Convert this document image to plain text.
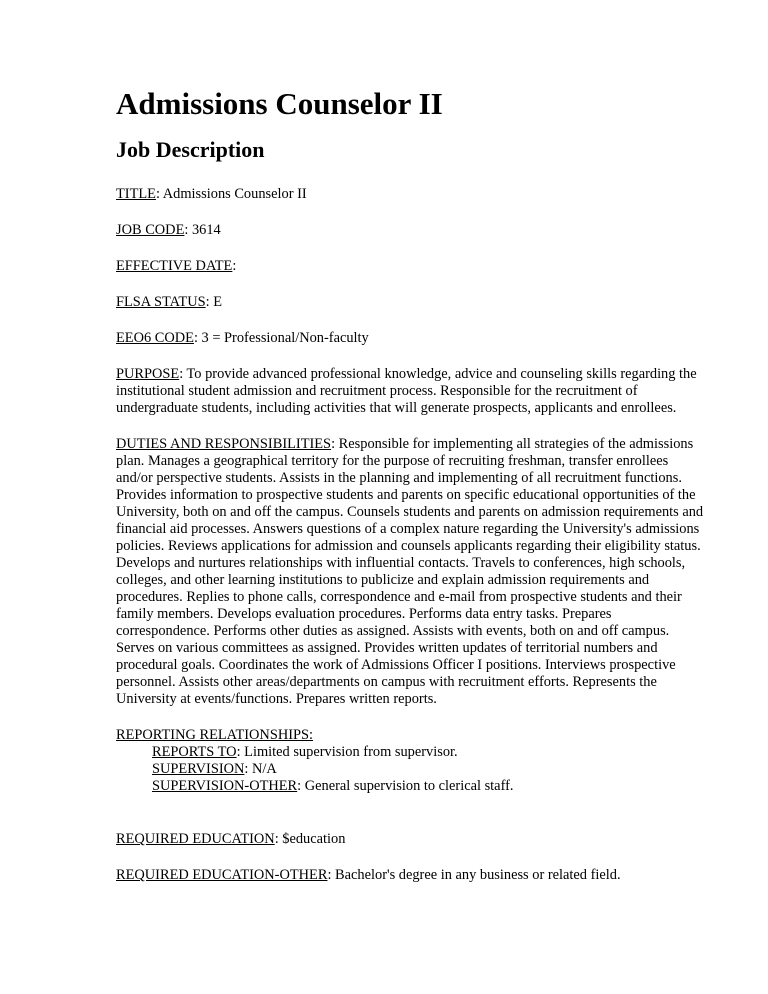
Admissions Counselor II
Job Description

TITLE: Admissions Counselor II

JOB CODE: 3614

EFFECTIVE DATE:

FLSA STATUS: E

EEO6 CODE: 3 = Professional/Non-faculty

PURPOSE: To provide advanced professional knowledge, advice and counseling skills regarding the institutional student admission and recruitment process. Responsible for the recruitment of undergraduate students, including activities that will generate prospects, applicants and enrollees.

DUTIES AND RESPONSIBILITIES: Responsible for implementing all strategies of the admissions plan. Manages a geographical territory for the purpose of recruiting freshman, transfer enrollees and/or perspective students. Assists in the planning and implementing of all recruitment functions. Provides information to prospective students and parents on specific educational opportunities of the University, both on and off the campus. Counsels students and parents on admission requirements and financial aid processes. Answers questions of a complex nature regarding the University's admissions policies. Reviews applications for admission and counsels applicants regarding their eligibility status. Develops and nurtures relationships with influential contacts. Travels to conferences, high schools, colleges, and other learning institutions to publicize and explain admission requirements and procedures. Replies to phone calls, correspondence and e-mail from prospective students and their family members. Develops evaluation procedures. Performs data entry tasks. Prepares correspondence. Performs other duties as assigned. Assists with events, both on and off campus. Serves on various committees as assigned. Provides written updates of territorial numbers and procedural goals. Coordinates the work of Admissions Officer I positions. Interviews prospective personnel. Assists other areas/departments on campus with recruitment efforts. Represents the University at events/functions. Prepares written reports.

REPORTING RELATIONSHIPS:

REPORTS TO: Limited supervision from supervisor.

SUPERVISION: N/A

SUPERVISION-OTHER: General supervision to clerical staff.

REQUIRED EDUCATION: $education

REQUIRED EDUCATION-OTHER: Bachelor's degree in any business or related field.
